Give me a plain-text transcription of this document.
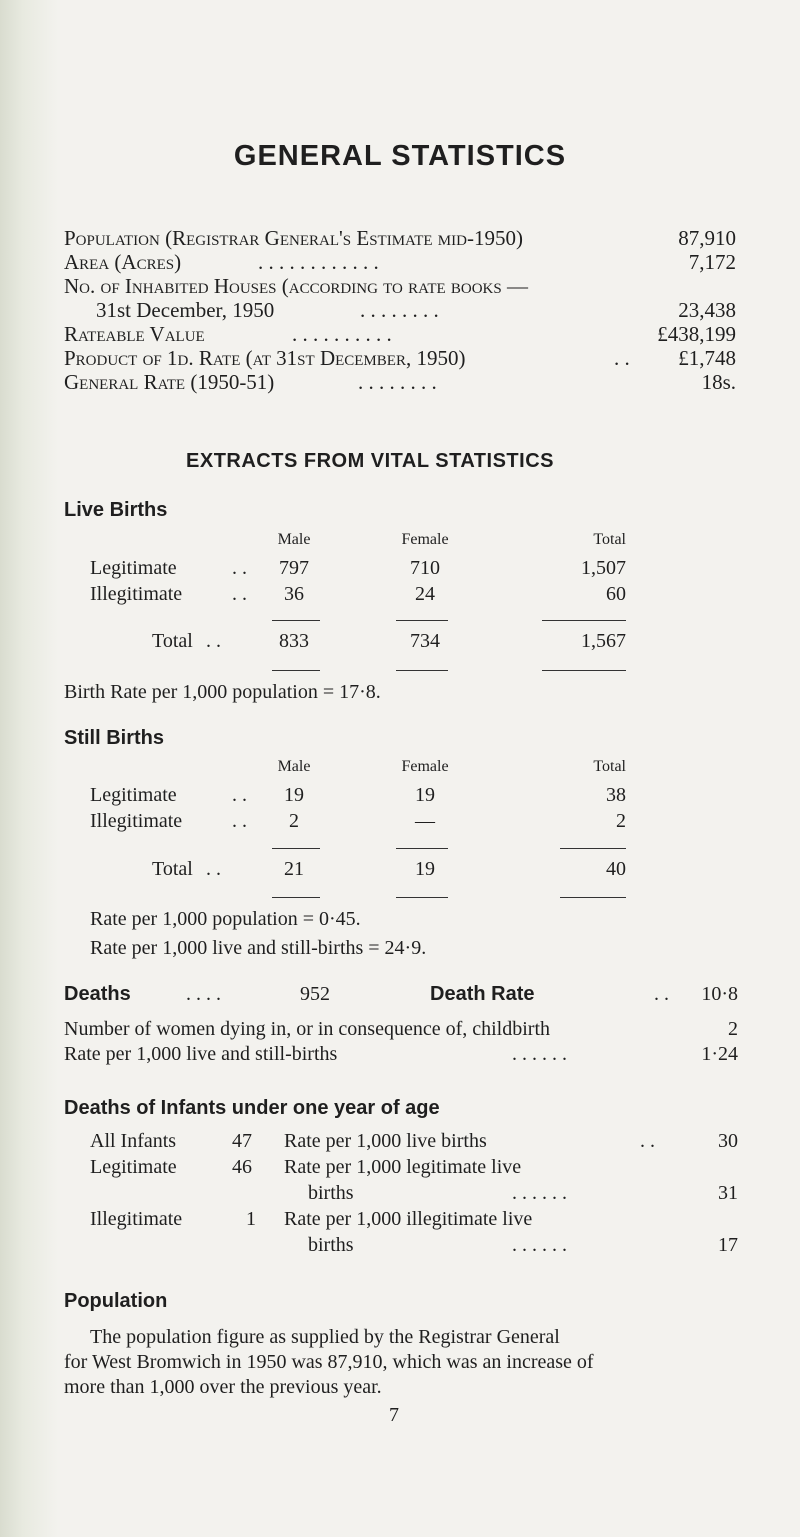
GENERAL STATISTICS
Population (Registrar General's Estimate mid-1950)	87,910
Area (Acres)	. . . . . . . . . . . .	7,172
No. of Inhabited Houses (according to rate books —
31st December, 1950	. . . . . . . .	23,438
Rateable Value	. . . . . . . . . .	£438,199
Product of 1d. Rate (at 31st December, 1950)	. .	£1,748
General Rate (1950-51)	. . . . . . . .	18s.
EXTRACTS FROM VITAL STATISTICS
Live Births
Male	Female	Total
Legitimate	. .	797	710	1,507
Illegitimate . .	36	24	60
Total . .	833	734	1,567
Birth Rate per 1,000 population = 17·8.
Still Births
Male	Female	Total
Legitimate	. .	19	19	38
Illegitimate . .	2	—	2
Total . .	21	19	40
Rate per 1,000 population = 0·45.
Rate per 1,000 live and still-births = 24·9.
Deaths	. . . .	952	Death Rate	. .	10·8
Number of women dying in, or in consequence of, childbirth	2
Rate per 1,000 live and still-births	. . . . . .	1·24
Deaths of Infants under one year of age
All Infants	47 Rate per 1,000 live births	. .	30
Legitimate	46 Rate per 1,000 legitimate live
births	. . . . . .	31
Illegitimate	1 Rate per 1,000 illegitimate live
births	. . . . . .	17
Population
The population figure as supplied by the Registrar General
for West Bromwich in 1950 was 87,910, which was an increase of
more than 1,000 over the previous year.
7
